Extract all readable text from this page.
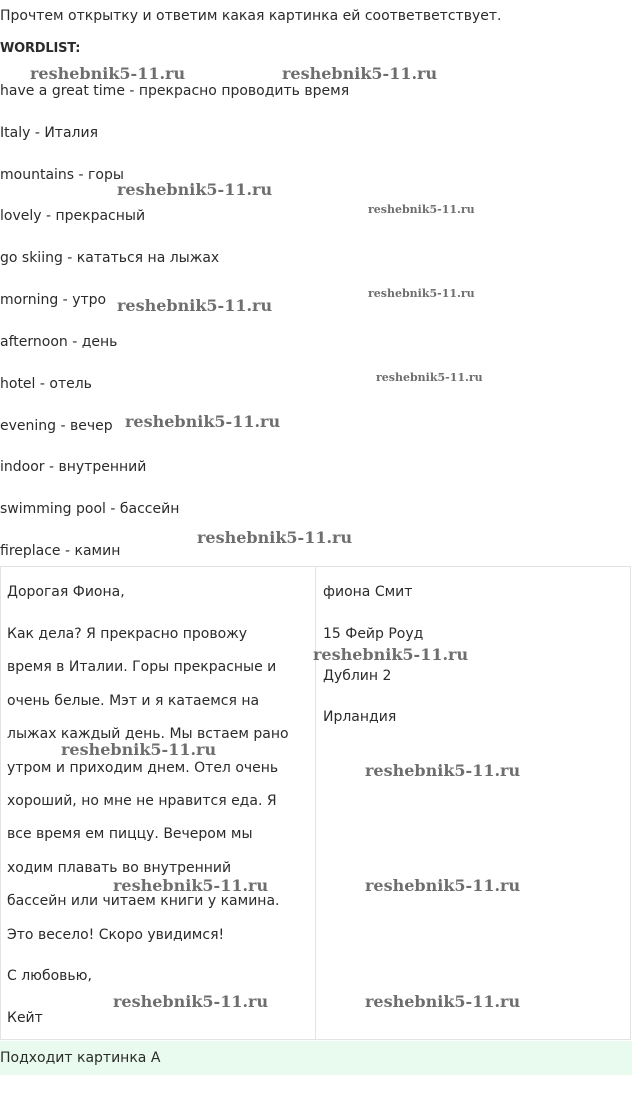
Прочтем открытку и ответим какая картинка ей соответветствует.
WORDLIST:
have a great time - прекрасно проводить время
Italy - Италия
mountains - горы
lovely - прекрасный
go skiing - кататься на лыжах
morning - утро
afternoon - день
hotel - отель
evening - вечер
indoor - внутренний
swimming pool - бассейн
fireplace - камин
Дорогая Фиона,
Как дела? Я прекрасно провожу
время в Италии. Горы прекрасные и
очень белые. Мэт и я катаемся на
лыжах каждый день. Мы встаем рано
утром и приходим днем. Отел очень
хороший, но мне не нравится еда. Я
все время ем пиццу. Вечером мы
ходим плавать во внутренний
бассейн или читаем книги у камина.
Это весело! Скоро увидимся!
С любовью,
Кейт
фиона Смит
15 Фейр Роуд
Дублин 2
Ирландия
Подходит картинка А
reshebnik5-11.ru	reshebnik5-11.ru
reshebnik5-11.ru
reshebnik5-11.ru
reshebnik5-11.ru
reshebnik5-11.ru
reshebnik5-11.ru
reshebnik5-11.ru
reshebnik5-11.ru
reshebnik5-11.ru
reshebnik5-11.ru
reshebnik5-11.ru
reshebnik5-11.ru	reshebnik5-11.ru
reshebnik5-11.ru	reshebnik5-11.ru
